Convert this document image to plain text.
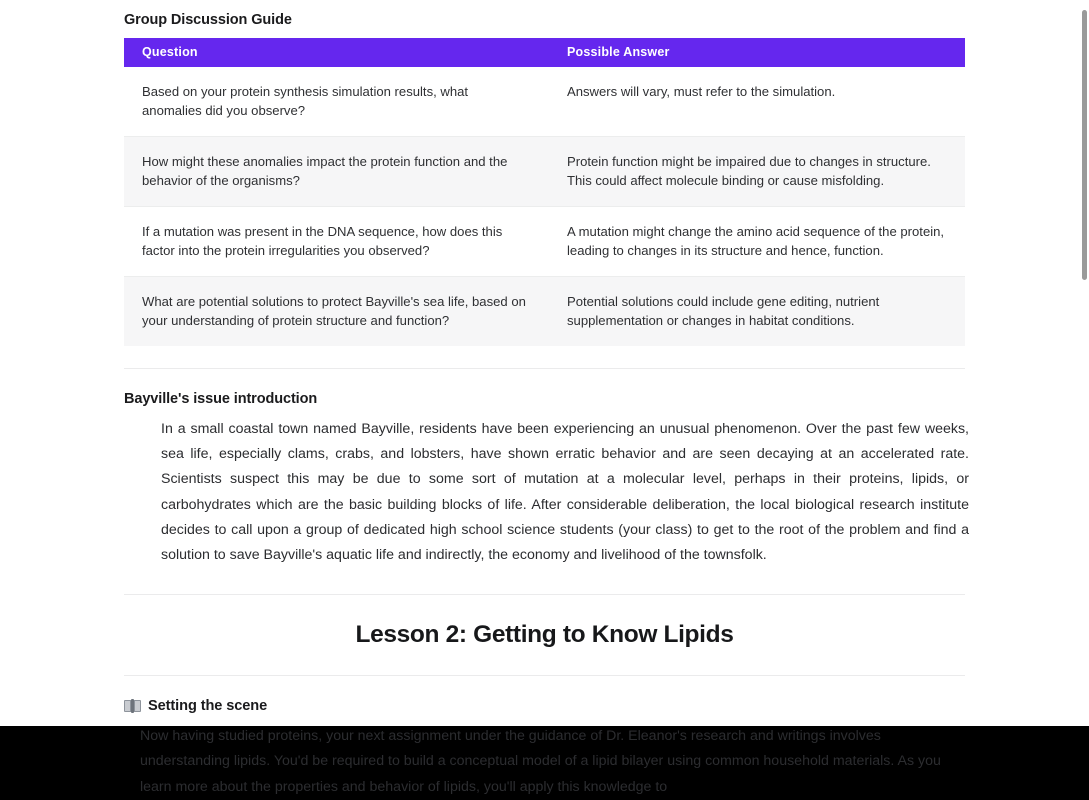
Group Discussion Guide
Question	Possible Answer
Based on your protein synthesis simulation results, what anomalies did you observe?	Answers will vary, must refer to the simulation.
How might these anomalies impact the protein function and the behavior of the organisms?	Protein function might be impaired due to changes in structure. This could affect molecule binding or cause misfolding.
If a mutation was present in the DNA sequence, how does this factor into the protein irregularities you observed?	A mutation might change the amino acid sequence of the protein, leading to changes in its structure and hence, function.
What are potential solutions to protect Bayville's sea life, based on your understanding of protein structure and function?	Potential solutions could include gene editing, nutrient supplementation or changes in habitat conditions.
Bayville's issue introduction

In a small coastal town named Bayville, residents have been experiencing an unusual phenomenon. Over the past few weeks, sea life, especially clams, crabs, and lobsters, have shown erratic behavior and are seen decaying at an accelerated rate. Scientists suspect this may be due to some sort of mutation at a molecular level, perhaps in their proteins, lipids, or carbohydrates which are the basic building blocks of life. After considerable deliberation, the local biological research institute decides to call upon a group of dedicated high school science students (your class) to get to the root of the problem and find a solution to save Bayville's aquatic life and indirectly, the economy and livelihood of the townsfolk.

Lesson 2: Getting to Know Lipids
Setting the scene

Now having studied proteins, your next assignment under the guidance of Dr. Eleanor's research and writings involves understanding lipids. You'd be required to build a conceptual model of a lipid bilayer using common household materials. As you learn more about the properties and behavior of lipids, you'll apply this knowledge to
